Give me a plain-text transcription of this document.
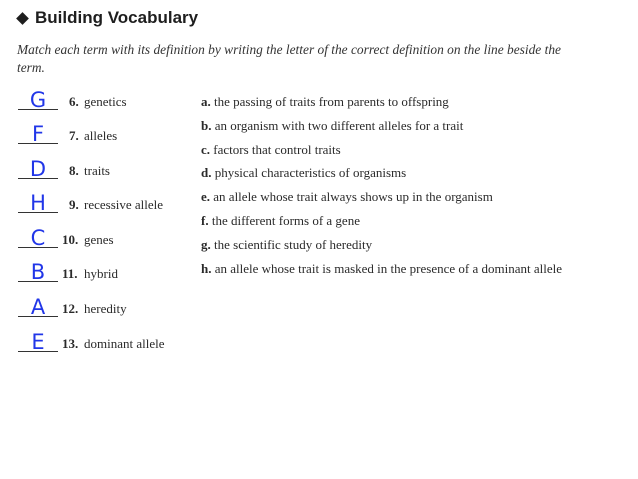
Building Vocabulary
Match each term with its definition by writing the letter of the correct definition on the line beside the term.
G	6. genetics
F	7. alleles
D	8. traits
H	9. recessive allele
C	10. genes
B	11. hybrid
A	12. heredity
E	13. dominant allele
a. the passing of traits from parents to offspring
b. an organism with two different alleles for a trait
c. factors that control traits
d. physical characteristics of organisms
e. an allele whose trait always shows up in the organism
f. the different forms of a gene
g. the scientific study of heredity
h. an allele whose trait is masked in the presence of a dominant allele
